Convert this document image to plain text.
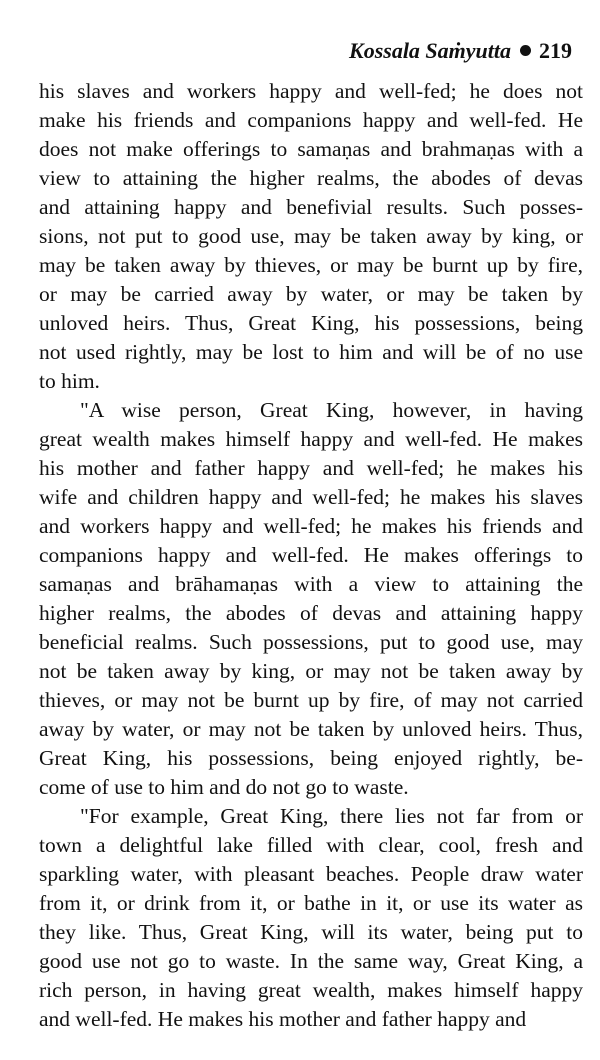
Kossala Saṁyutta 219
his slaves and workers happy and well-fed; he does not
make his friends and companions happy and well-fed. He
does not make offerings to samaṇas and brahmaṇas with a
view to attaining the higher realms, the abodes of devas
and attaining happy and benefivial results. Such posses-
sions, not put to good use, may be taken away by king, or
may be taken away by thieves, or may be burnt up by fire,
or may be carried away by water, or may be taken by
unloved heirs. Thus, Great King, his possessions, being
not used rightly, may be lost to him and will be of no use
to him.
"A wise person, Great King, however, in having
great wealth makes himself happy and well-fed. He makes
his mother and father happy and well-fed; he makes his
wife and children happy and well-fed; he makes his slaves
and workers happy and well-fed; he makes his friends and
companions happy and well-fed. He makes offerings to
samaṇas and brāhamaṇas with a view to attaining the
higher realms, the abodes of devas and attaining happy
beneficial realms. Such possessions, put to good use, may
not be taken away by king, or may not be taken away by
thieves, or may not be burnt up by fire, of may not carried
away by water, or may not be taken by unloved heirs. Thus,
Great King, his possessions, being enjoyed rightly, be-
come of use to him and do not go to waste.
"For example, Great King, there lies not far from or
town a delightful lake filled with clear, cool, fresh and
sparkling water, with pleasant beaches. People draw water
from it, or drink from it, or bathe in it, or use its water as
they like. Thus, Great King, will its water, being put to
good use not go to waste. In the same way, Great King, a
rich person, in having great wealth, makes himself happy
and well-fed. He makes his mother and father happy and
